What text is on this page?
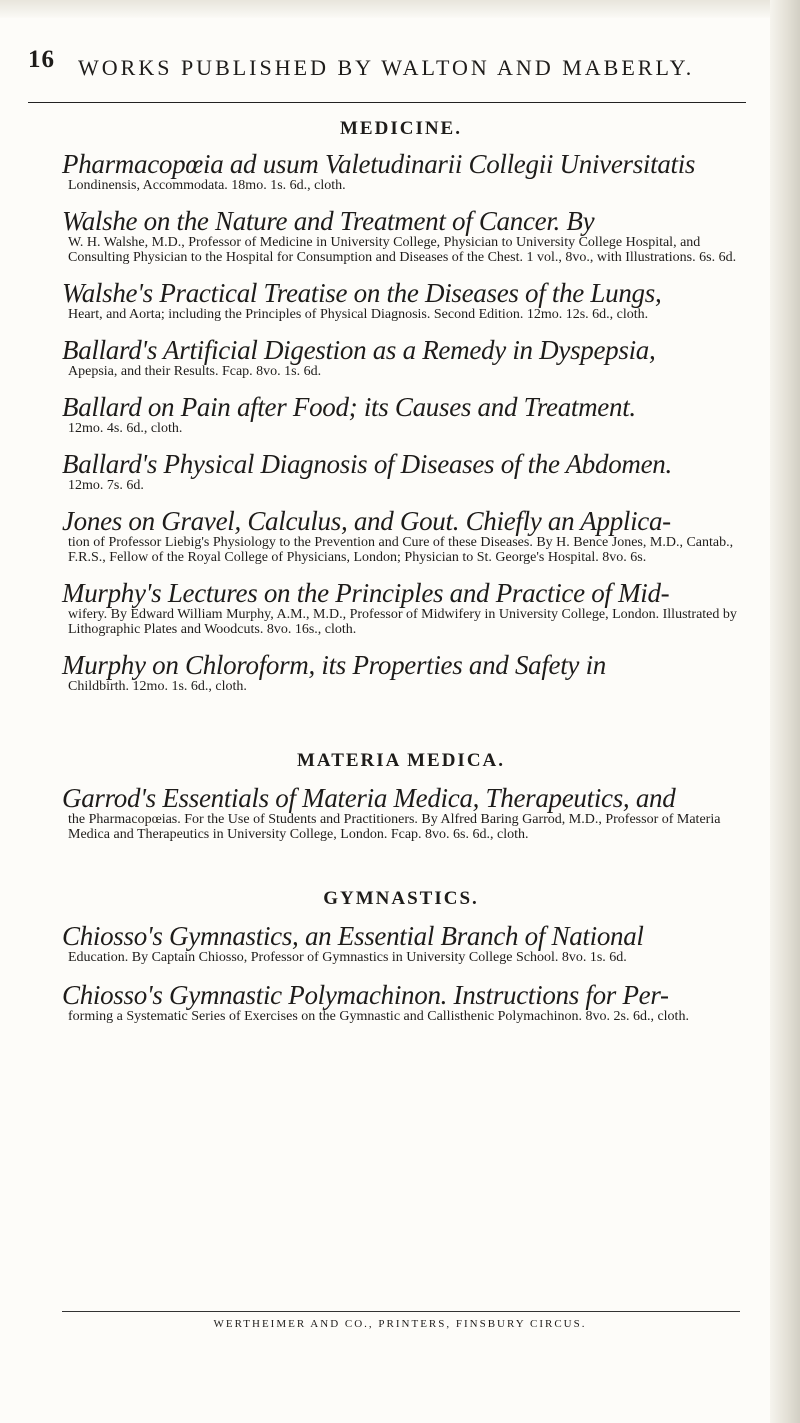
16 WORKS PUBLISHED BY WALTON AND MABERLY.
MEDICINE.

Pharmacopœia ad usum Valetudinarii Collegii Universitatis

Londinensis, Accommodata. 18mo. 1s. 6d., cloth.

Walshe on the Nature and Treatment of Cancer. By

W. H. Walshe, M.D., Professor of Medicine in University College, Physician to University College Hospital, and Consulting Physician to the Hospital for Consumption and Diseases of the Chest. 1 vol., 8vo., with Illustrations. 6s. 6d.

Walshe's Practical Treatise on the Diseases of the Lungs,

Heart, and Aorta; including the Principles of Physical Diagnosis. Second Edition. 12mo. 12s. 6d., cloth.

Ballard's Artificial Digestion as a Remedy in Dyspepsia,

Apepsia, and their Results. Fcap. 8vo. 1s. 6d.

Ballard on Pain after Food; its Causes and Treatment.

12mo. 4s. 6d., cloth.

Ballard's Physical Diagnosis of Diseases of the Abdomen.

12mo. 7s. 6d.

Jones on Gravel, Calculus, and Gout. Chiefly an Applica-

tion of Professor Liebig's Physiology to the Prevention and Cure of these Diseases. By H. Bence Jones, M.D., Cantab., F.R.S., Fellow of the Royal College of Physicians, London; Physician to St. George's Hospital. 8vo. 6s.

Murphy's Lectures on the Principles and Practice of Mid-

wifery. By Edward William Murphy, A.M., M.D., Professor of Midwifery in University College, London. Illustrated by Lithographic Plates and Woodcuts. 8vo. 16s., cloth.

Murphy on Chloroform, its Properties and Safety in

Childbirth. 12mo. 1s. 6d., cloth.

MATERIA MEDICA.

Garrod's Essentials of Materia Medica, Therapeutics, and

the Pharmacopœias. For the Use of Students and Practitioners. By Alfred Baring Garrod, M.D., Professor of Materia Medica and Therapeutics in University College, London. Fcap. 8vo. 6s. 6d., cloth.

GYMNASTICS.

Chiosso's Gymnastics, an Essential Branch of National

Education. By Captain Chiosso, Professor of Gymnastics in University College School. 8vo. 1s. 6d.

Chiosso's Gymnastic Polymachinon. Instructions for Per-

forming a Systematic Series of Exercises on the Gymnastic and Callisthenic Polymachinon. 8vo. 2s. 6d., cloth.

WERTHEIMER AND CO., PRINTERS, FINSBURY CIRCUS.
